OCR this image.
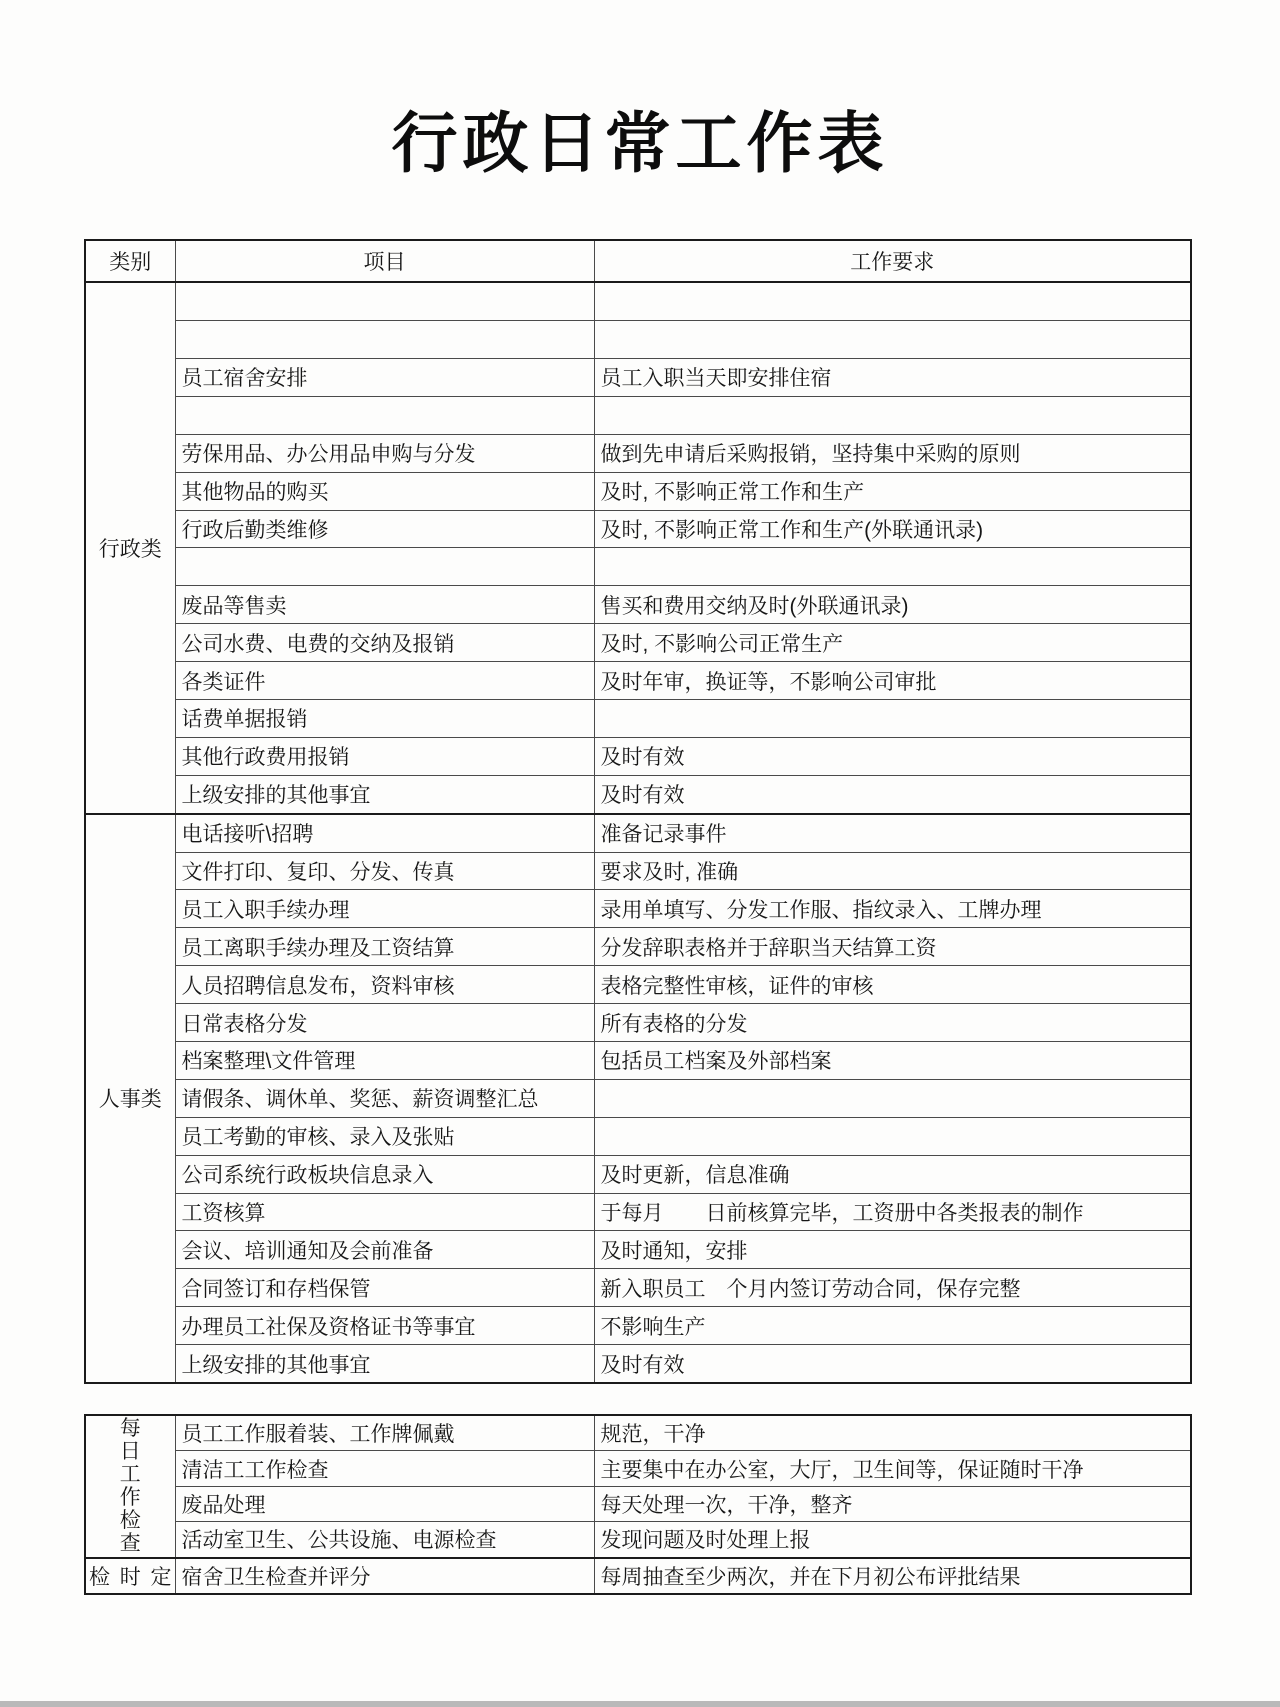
行政日常工作表
类别	项目	工作要求
行政类		

	员工宿舍安排	员工入职当天即安排住宿

	劳保用品、办公用品申购与分发	做到先申请后采购报销，坚持集中采购的原则
	其他物品的购买	及时, 不影响正常工作和生产
	行政后勤类维修	及时, 不影响正常工作和生产(外联通讯录)

	废品等售卖	售买和费用交纳及时(外联通讯录)
	公司水费、电费的交纳及报销	及时, 不影响公司正常生产
	各类证件	及时年审，换证等，不影响公司审批
	话费单据报销	
	其他行政费用报销	及时有效
	上级安排的其他事宜	及时有效
人事类	电话接听\招聘	准备记录事件
	文件打印、复印、分发、传真	要求及时, 准确
	员工入职手续办理	录用单填写、分发工作服、指纹录入、工牌办理
	员工离职手续办理及工资结算	分发辞职表格并于辞职当天结算工资
	人员招聘信息发布，资料审核	表格完整性审核，证件的审核
	日常表格分发	所有表格的分发
	档案整理\文件管理	包括员工档案及外部档案
	请假条、调休单、奖惩、薪资调整汇总	
	员工考勤的审核、录入及张贴	
	公司系统行政板块信息录入	及时更新，信息准确
	工资核算	于每月　　日前核算完毕，工资册中各类报表的制作
	会议、培训通知及会前准备	及时通知，安排
	合同签订和存档保管	新入职员工　个月内签订劳动合同，保存完整
	办理员工社保及资格证书等事宜	不影响生产
	上级安排的其他事宜	及时有效
每日工作检查	员工工作服着装、工作牌佩戴	规范，干净
	清洁工工作检查	主要集中在办公室，大厅，卫生间等，保证随时干净
	废品处理	每天处理一次，干净，整齐
	活动室卫生、公共设施、电源检查	发现问题及时处理上报
检 时 定	宿舍卫生检查并评分	每周抽查至少两次，并在下月初公布评批结果
